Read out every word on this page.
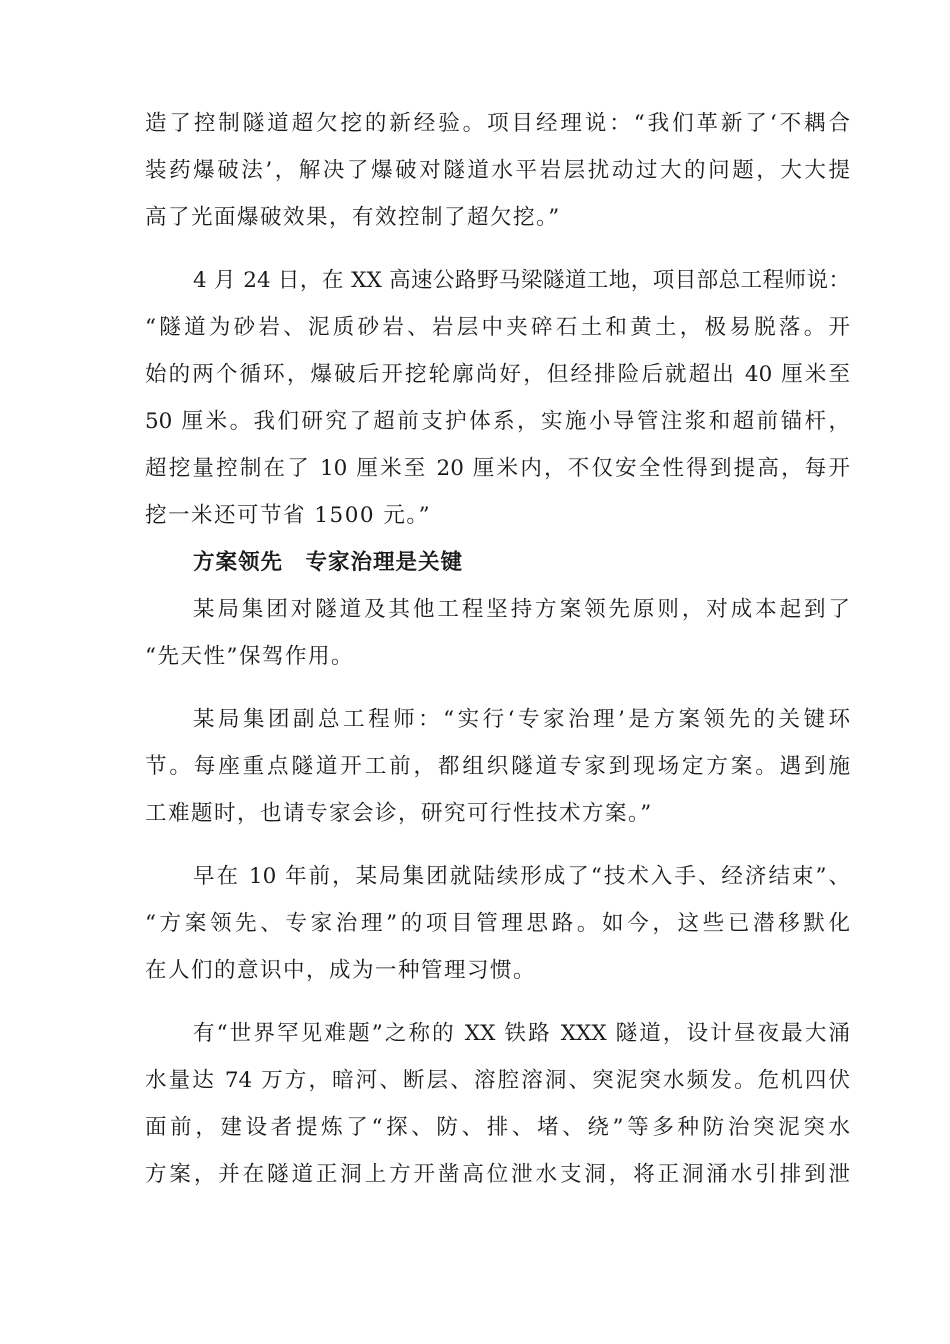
造了控制隧道超欠挖的新经验。项目经理说：“我们革新了‘不耦合
装药爆破法’，解决了爆破对隧道水平岩层扰动过大的问题，大大提
高了光面爆破效果，有效控制了超欠挖。”
4 月 24 日，在 XX 高速公路野马梁隧道工地，项目部总工程师说：
“隧道为砂岩、泥质砂岩、岩层中夹碎石土和黄土，极易脱落。开
始的两个循环，爆破后开挖轮廓尚好，但经排险后就超出 40 厘米至
50 厘米。我们研究了超前支护体系，实施小导管注浆和超前锚杆，
超挖量控制在了 10 厘米至 20 厘米内，不仅安全性得到提高，每开
挖一米还可节省 1500 元。”
方案领先　专家治理是关键
某局集团对隧道及其他工程坚持方案领先原则，对成本起到了
“先天性”保驾作用。
某局集团副总工程师：“实行‘专家治理’是方案领先的关键环
节。每座重点隧道开工前，都组织隧道专家到现场定方案。遇到施
工难题时，也请专家会诊，研究可行性技术方案。”
早在 10 年前，某局集团就陆续形成了“技术入手、经济结束”、
“方案领先、专家治理”的项目管理思路。如今，这些已潜移默化
在人们的意识中，成为一种管理习惯。
有“世界罕见难题”之称的 XX 铁路 XXX 隧道，设计昼夜最大涌
水量达 74 万方，暗河、断层、溶腔溶洞、突泥突水频发。危机四伏
面前，建设者提炼了“探、防、排、堵、绕”等多种防治突泥突水
方案，并在隧道正洞上方开凿高位泄水支洞，将正洞涌水引排到泄
